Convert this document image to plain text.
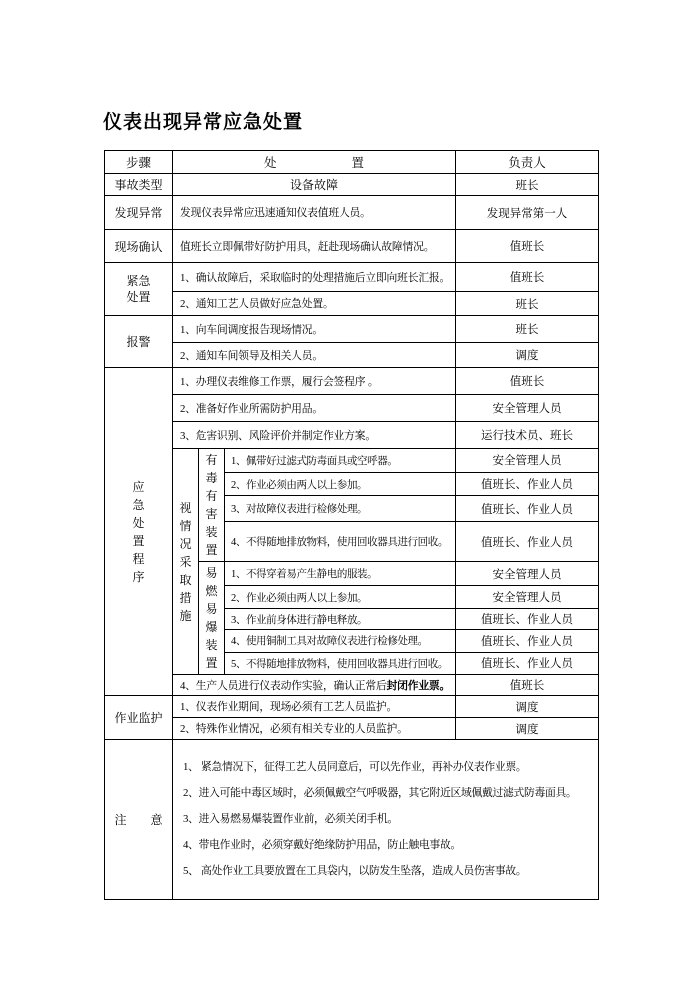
仪表出现异常应急处置
步骤	处　　　　　　置			负责人
事故类型	设备故障			班长
发现异常	发现仪表异常应迅速通知仪表值班人员。			发现异常第一人
现场确认	值班长立即佩带好防护用具，赶赴现场确认故障情况。			值班长
紧急处置	1、确认故障后，采取临时的处理措施后立即向班长汇报。			值班长
	2、通知工艺人员做好应急处置。			班长
报警	1、向车间调度报告现场情况。			班长
	2、通知车间领导及相关人员。			调度

应急处置程序	1、办理仪表维修工作票，履行会签程序 。			值班长
	2、准备好作业所需防护用品。			安全管理人员
	3、危害识别、风险评价并制定作业方案。			运行技术员、班长

	视情况采取措施	有毒有害装置	1、佩带好过滤式防毒面具或空呼器。	安全管理人员
			2、作业必须由两人以上参加。	值班长、作业人员
			3、对故障仪表进行检修处理。	值班长、作业人员
			4、不得随地排放物料，使用回收器具进行回收。	值班长、作业人员

		易燃易爆装置	1、不得穿着易产生静电的服装。	安全管理人员
			2、作业必须由两人以上参加。	安全管理人员
			3、作业前身体进行静电释放。	值班长、作业人员
			4、使用铜制工具对故障仪表进行检修处理。	值班长、作业人员
			5、不得随地排放物料，使用回收器具进行回收。	值班长、作业人员
	4、生产人员进行仪表动作实验，确认正常后封闭作业票。			值班长
作业监护	1、仪表作业期间，现场必须有工艺人员监护。			调度
	2、特殊作业情况，必须有相关专业的人员监护。			调度
注　　意	1、 紧急情况下，征得工艺人员同意后，可以先作业，再补办仪表作业票。
2、进入可能中毒区域时，必须佩戴空气呼吸器，其它附近区域佩戴过滤式防毒面具。
3、进入易燃易爆装置作业前，必须关闭手机。
4、带电作业时，必须穿戴好绝缘防护用品，防止触电事故。
5、 高处作业工具要放置在工具袋内，以防发生坠落，造成人员伤害事故。			
